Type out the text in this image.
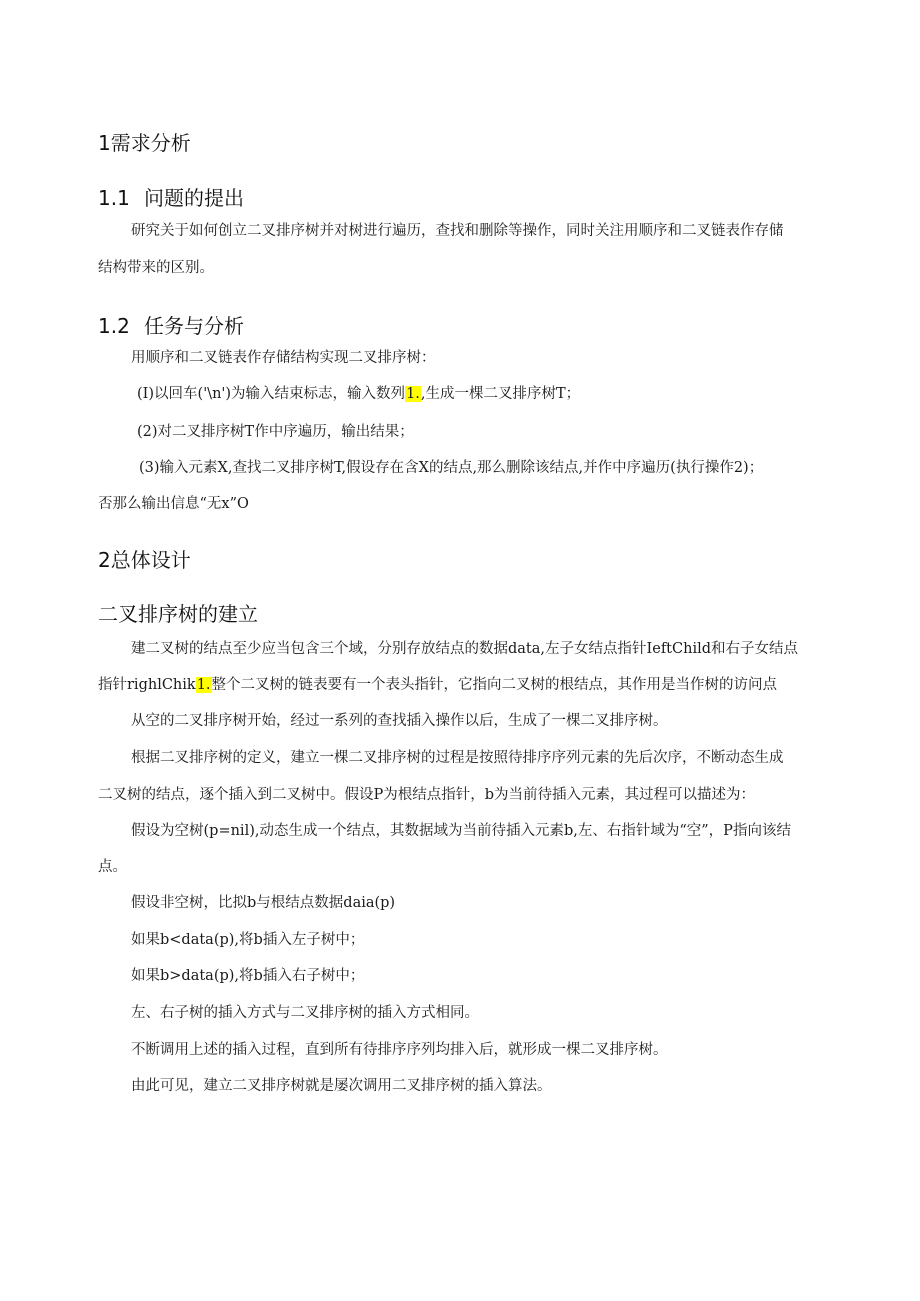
1需求分析
1.1 问题的提出
研究关于如何创立二叉排序树并对树进行遍历，查找和删除等操作，同时关注用顺序和二叉链表作存储
结构带来的区别。
1.2 任务与分析
用顺序和二叉链表作存储结构实现二叉排序树：
(I)以回车('\n')为输入结束标志，输入数列1.,生成一棵二叉排序树T；
(2)对二叉排序树T作中序遍历，输出结果；
(3)输入元素X,查找二叉排序树T,假设存在含X的结点,那么删除该结点,并作中序遍历(执行操作2)；
否那么输出信息“无x”O
2总体设计
二叉排序树的建立
建二叉树的结点至少应当包含三个域，分别存放结点的数据data,左子女结点指针IeftChild和右子女结点
指针righlChik1.整个二叉树的链表要有一个表头指针，它指向二叉树的根结点，其作用是当作树的访问点
从空的二叉排序树开始，经过一系列的查找插入操作以后，生成了一棵二叉排序树。
根据二叉排序树的定义，建立一棵二叉排序树的过程是按照待排序序列元素的先后次序，不断动态生成
二叉树的结点，逐个插入到二叉树中。假设P为根结点指针，b为当前待插入元素，其过程可以描述为：
假设为空树(p=nil),动态生成一个结点，其数据域为当前待插入元素b,左、右指针域为“空”，P指向该结
点。
假设非空树，比拟b与根结点数据daia(p)
如果b<data(p),将b插入左子树中；
如果b>data(p),将b插入右子树中；
左、右子树的插入方式与二叉排序树的插入方式相同。
不断调用上述的插入过程，直到所有待排序序列均排入后，就形成一棵二叉排序树。
由此可见，建立二叉排序树就是屡次调用二叉排序树的插入算法。
